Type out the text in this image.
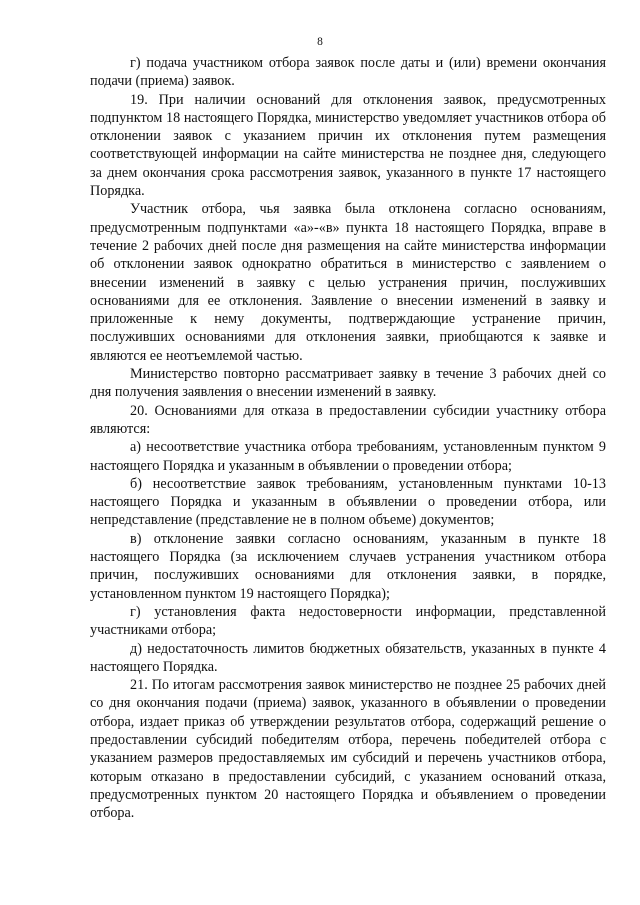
8

г) подача участником отбора заявок после даты и (или) времени окончания подачи (приема) заявок.

19. При наличии оснований для отклонения заявок, предусмотренных подпунктом 18 настоящего Порядка, министерство уведомляет участников отбора об отклонении заявок с указанием причин их отклонения путем размещения соответствующей информации на сайте министерства не позднее дня, следующего за днем окончания срока рассмотрения заявок, указанного в пункте 17 настоящего Порядка.

Участник отбора, чья заявка была отклонена согласно основаниям, предусмотренным подпунктами «а»-«в» пункта 18 настоящего Порядка, вправе в течение 2 рабочих дней после дня размещения на сайте министерства информации об отклонении заявок однократно обратиться в министерство с заявлением о внесении изменений в заявку с целью устранения причин, послуживших основаниями для ее отклонения. Заявление о внесении изменений в заявку и приложенные к нему документы, подтверждающие устранение причин, послуживших основаниями для отклонения заявки, приобщаются к заявке и являются ее неотъемлемой частью.

Министерство повторно рассматривает заявку в течение 3 рабочих дней со дня получения заявления о внесении изменений в заявку.

20. Основаниями для отказа в предоставлении субсидии участнику отбора являются:

а) несоответствие участника отбора требованиям, установленным пунктом 9 настоящего Порядка и указанным в объявлении о проведении отбора;

б) несоответствие заявок требованиям, установленным пунктами 10-13 настоящего Порядка и указанным в объявлении о проведении отбора, или непредставление (представление не в полном объеме) документов;

в) отклонение заявки согласно основаниям, указанным в пункте 18 настоящего Порядка (за исключением случаев устранения участником отбора причин, послуживших основаниями для отклонения заявки, в порядке, установленном пунктом 19 настоящего Порядка);

г) установления факта недостоверности информации, представленной участниками отбора;

д) недостаточность лимитов бюджетных обязательств, указанных в пункте 4 настоящего Порядка.

21. По итогам рассмотрения заявок министерство не позднее 25 рабочих дней со дня окончания подачи (приема) заявок, указанного в объявлении о проведении отбора, издает приказ об утверждении результатов отбора, содержащий решение о предоставлении субсидий победителям отбора, перечень победителей отбора с указанием размеров предоставляемых им субсидий и перечень участников отбора, которым отказано в предоставлении субсидий, с указанием оснований отказа, предусмотренных пунктом 20 настоящего Порядка и объявлением о проведении отбора.
